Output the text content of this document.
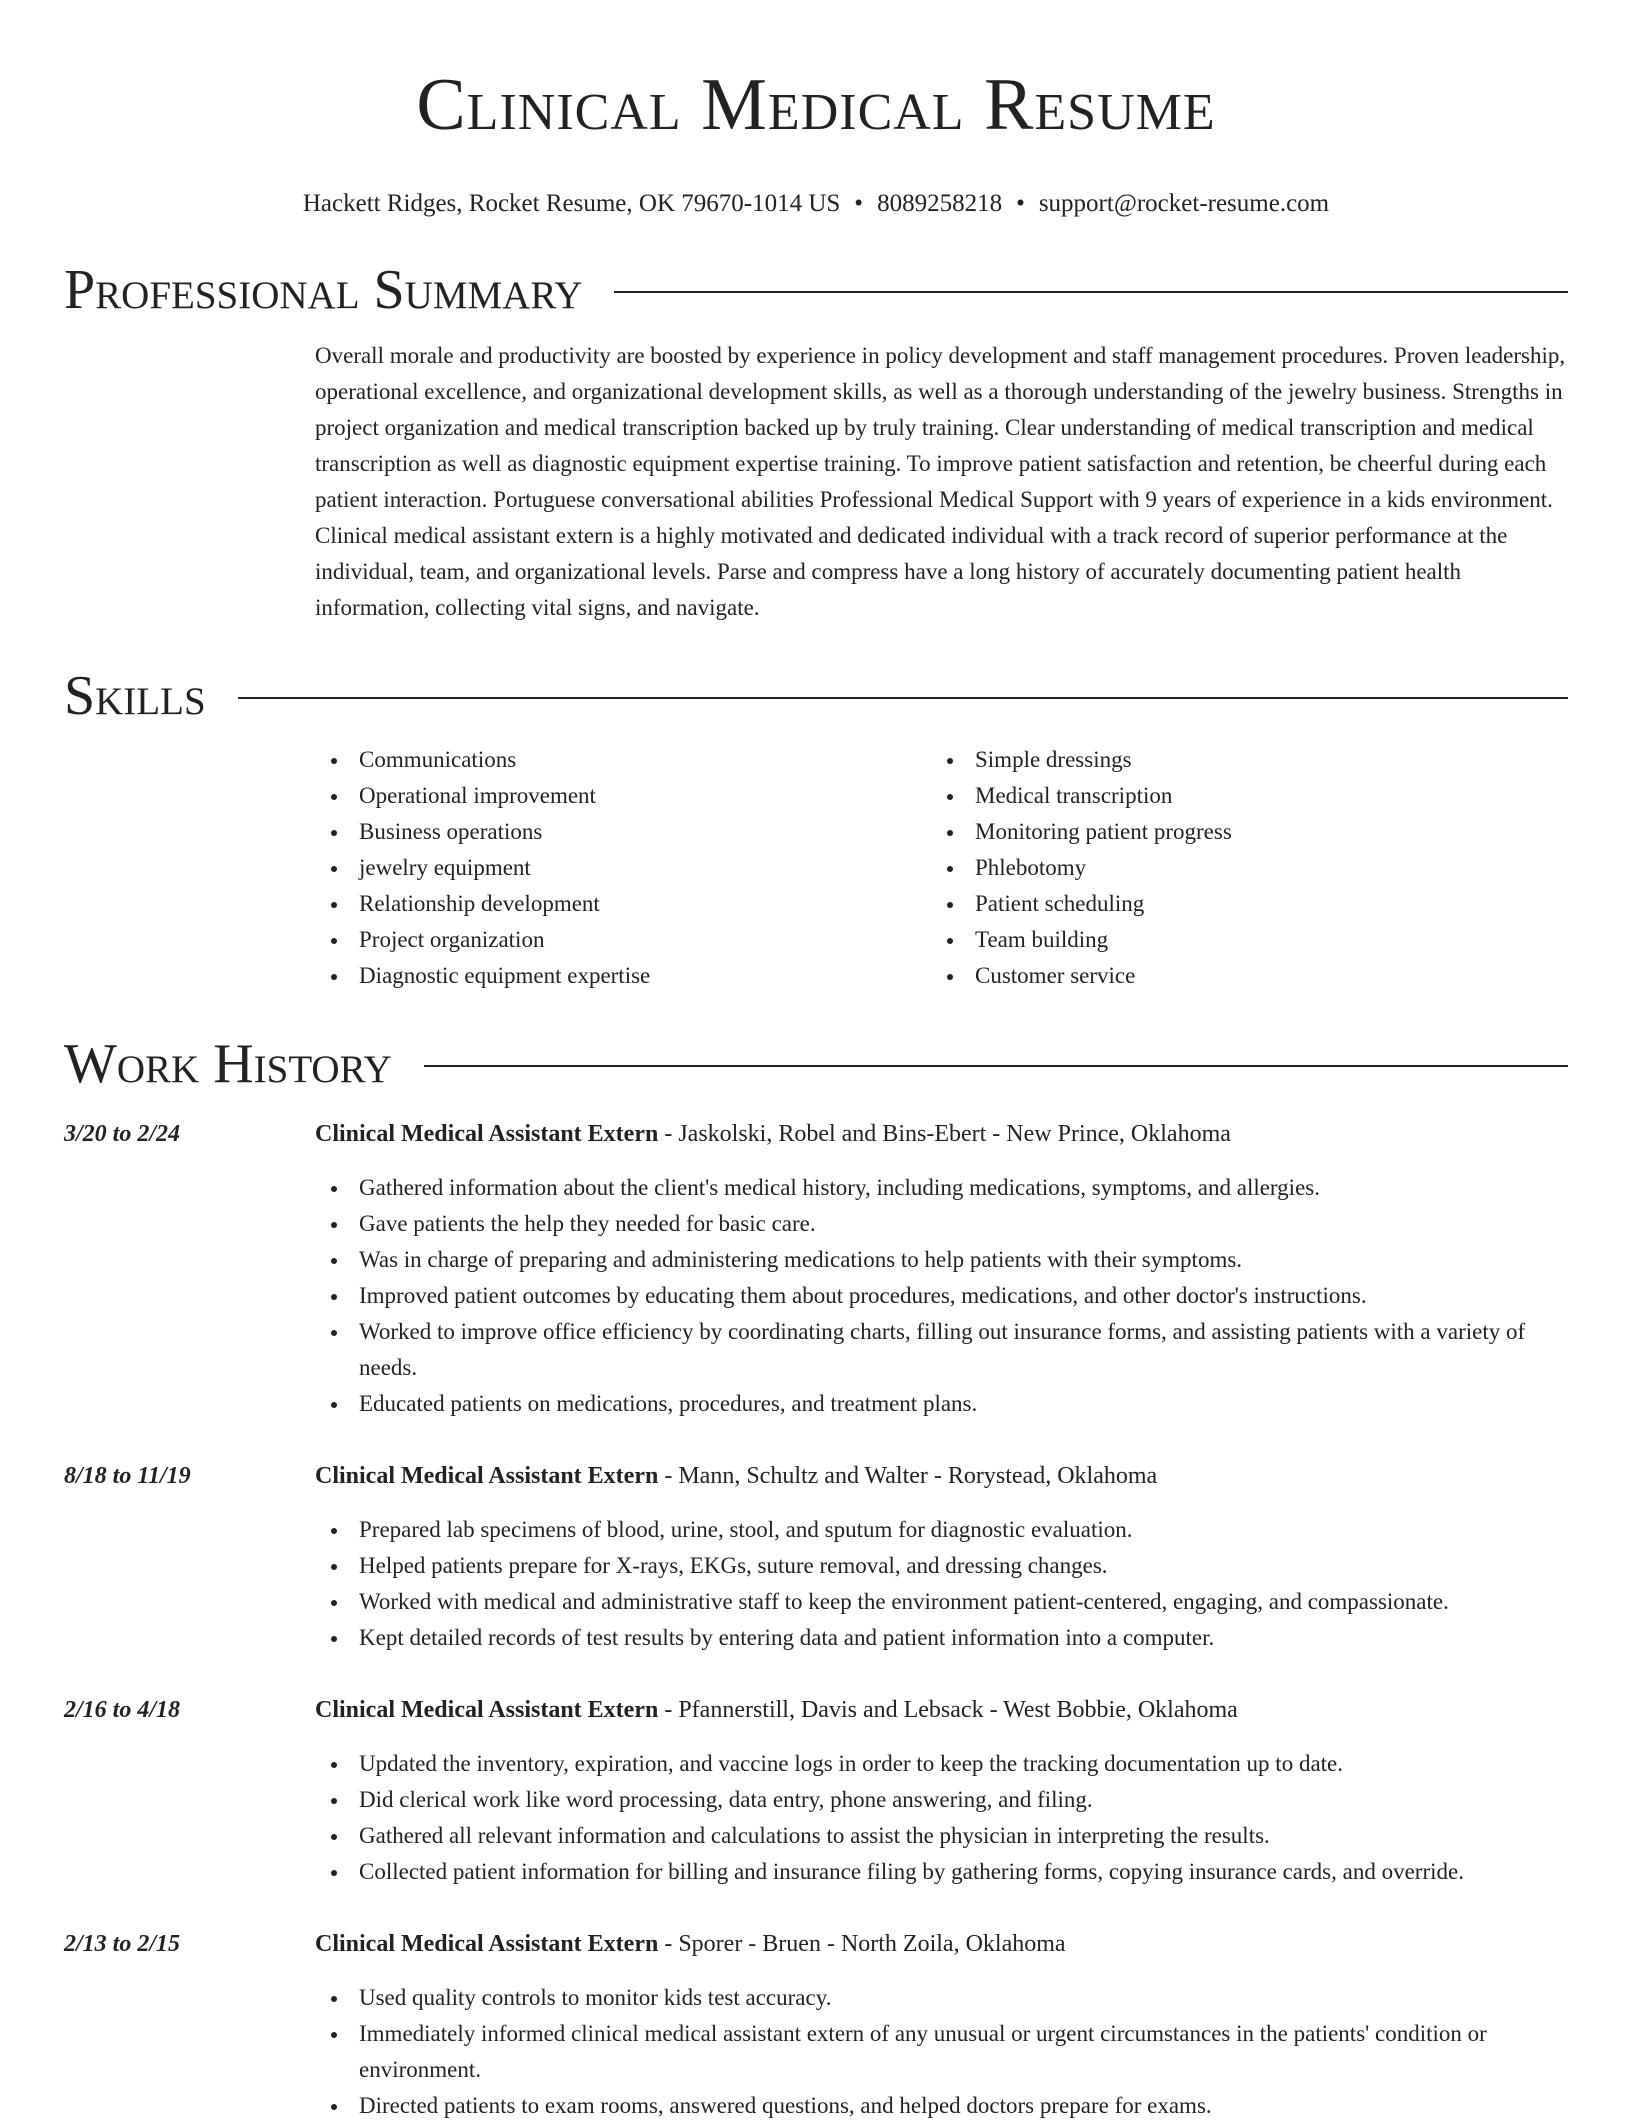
Clinical Medical Resume
Hackett Ridges, Rocket Resume, OK 79670-1014 US • 8089258218 • support@rocket-resume.com
Professional Summary
Overall morale and productivity are boosted by experience in policy development and staff management procedures. Proven leadership, operational excellence, and organizational development skills, as well as a thorough understanding of the jewelry business. Strengths in project organization and medical transcription backed up by truly training. Clear understanding of medical transcription and medical transcription as well as diagnostic equipment expertise training. To improve patient satisfaction and retention, be cheerful during each patient interaction. Portuguese conversational abilities Professional Medical Support with 9 years of experience in a kids environment. Clinical medical assistant extern is a highly motivated and dedicated individual with a track record of superior performance at the individual, team, and organizational levels. Parse and compress have a long history of accurately documenting patient health information, collecting vital signs, and navigate.
Skills
Communications
Operational improvement
Business operations
jewelry equipment
Relationship development
Project organization
Diagnostic equipment expertise
Simple dressings
Medical transcription
Monitoring patient progress
Phlebotomy
Patient scheduling
Team building
Customer service
Work History
3/20 to 2/24	Clinical Medical Assistant Extern - Jaskolski, Robel and Bins-Ebert - New Prince, Oklahoma
Gathered information about the client's medical history, including medications, symptoms, and allergies.
Gave patients the help they needed for basic care.
Was in charge of preparing and administering medications to help patients with their symptoms.
Improved patient outcomes by educating them about procedures, medications, and other doctor's instructions.
Worked to improve office efficiency by coordinating charts, filling out insurance forms, and assisting patients with a variety of needs.
Educated patients on medications, procedures, and treatment plans.
8/18 to 11/19	Clinical Medical Assistant Extern - Mann, Schultz and Walter - Rorystead, Oklahoma
Prepared lab specimens of blood, urine, stool, and sputum for diagnostic evaluation.
Helped patients prepare for X-rays, EKGs, suture removal, and dressing changes.
Worked with medical and administrative staff to keep the environment patient-centered, engaging, and compassionate.
Kept detailed records of test results by entering data and patient information into a computer.
2/16 to 4/18	Clinical Medical Assistant Extern - Pfannerstill, Davis and Lebsack - West Bobbie, Oklahoma
Updated the inventory, expiration, and vaccine logs in order to keep the tracking documentation up to date.
Did clerical work like word processing, data entry, phone answering, and filing.
Gathered all relevant information and calculations to assist the physician in interpreting the results.
Collected patient information for billing and insurance filing by gathering forms, copying insurance cards, and override.
2/13 to 2/15	Clinical Medical Assistant Extern - Sporer - Bruen - North Zoila, Oklahoma
Used quality controls to monitor kids test accuracy.
Immediately informed clinical medical assistant extern of any unusual or urgent circumstances in the patients' condition or environment.
Directed patients to exam rooms, answered questions, and helped doctors prepare for exams.
